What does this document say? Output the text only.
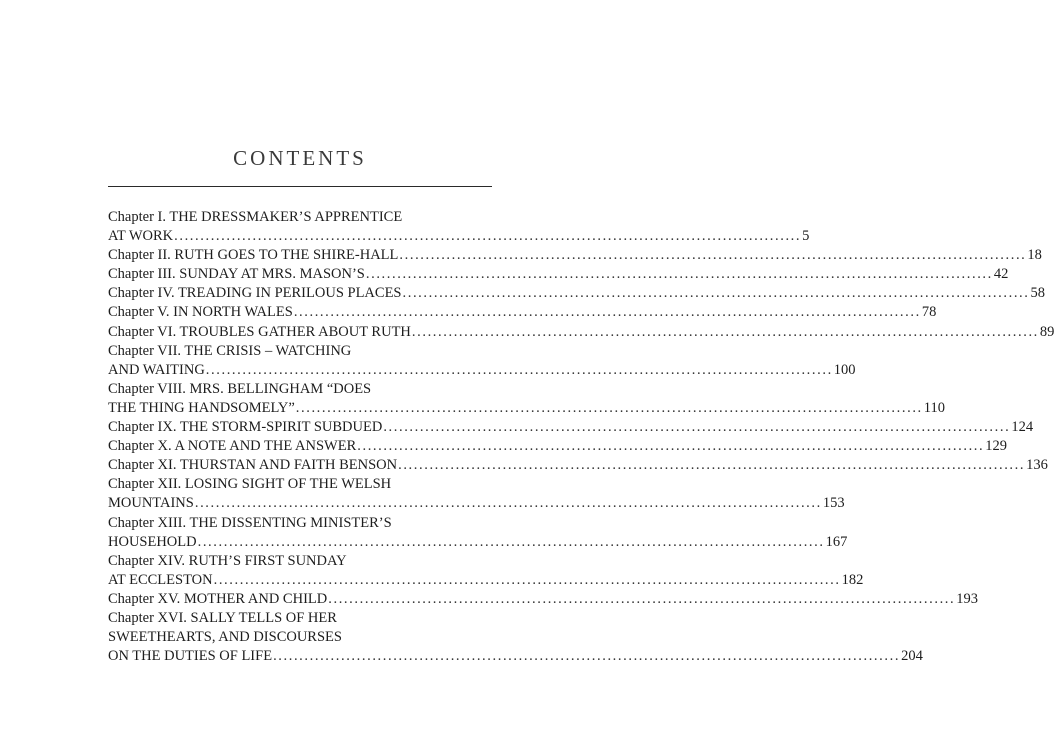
CONTENTS
Chapter I. THE DRESSMAKER’S APPRENTICE
AT WORK ........................................................................................................................ 5
Chapter II. RUTH GOES TO THE SHIRE-HALL ........................................................................................................................ 18
Chapter III. SUNDAY AT MRS. MASON’S ........................................................................................................................ 42
Chapter IV. TREADING IN PERILOUS PLACES ........................................................................................................................ 58
Chapter V. IN NORTH WALES ........................................................................................................................ 78
Chapter VI. TROUBLES GATHER ABOUT RUTH ........................................................................................................................ 89
Chapter VII. THE CRISIS – WATCHING
AND WAITING ........................................................................................................................ 100
Chapter VIII. MRS. BELLINGHAM “DOES
THE THING HANDSOMELY” ........................................................................................................................ 110
Chapter IX. THE STORM-SPIRIT SUBDUED ........................................................................................................................ 124
Chapter X. A NOTE AND THE ANSWER ........................................................................................................................ 129
Chapter XI. THURSTAN AND FAITH BENSON ........................................................................................................................ 136
Chapter XII. LOSING SIGHT OF THE WELSH
MOUNTAINS ........................................................................................................................ 153
Chapter XIII. THE DISSENTING MINISTER’S
HOUSEHOLD ........................................................................................................................ 167
Chapter XIV. RUTH’S FIRST SUNDAY
AT ECCLESTON ........................................................................................................................ 182
Chapter XV. MOTHER AND CHILD ........................................................................................................................ 193
Chapter XVI. SALLY TELLS OF HER
SWEETHEARTS, AND DISCOURSES
ON THE DUTIES OF LIFE ........................................................................................................................ 204
